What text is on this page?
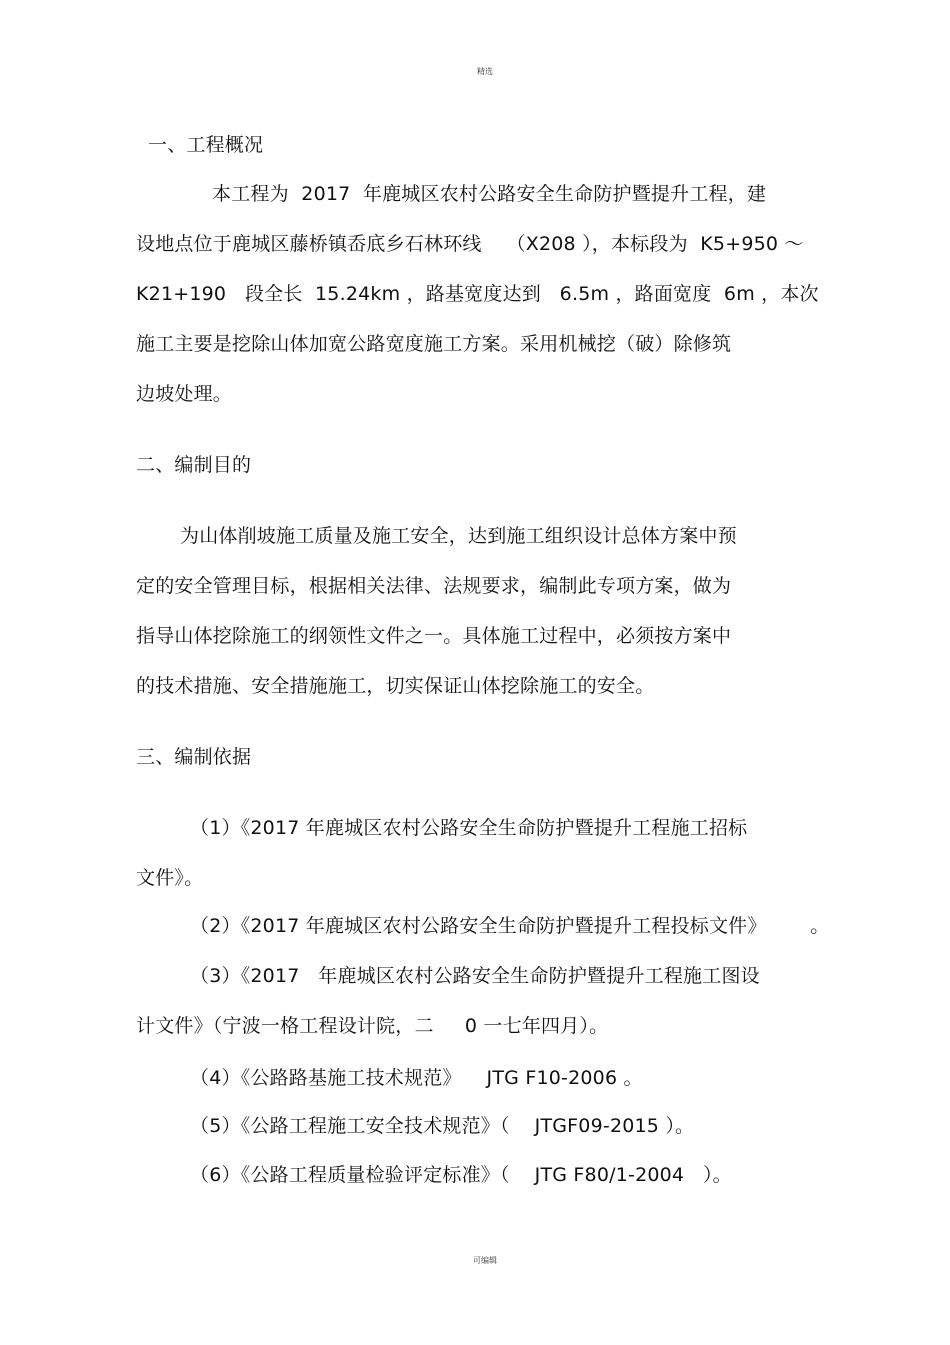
精选
一、工程概况
本工程为  2017  年鹿城区农村公路安全生命防护暨提升工程，建
设地点位于鹿城区藤桥镇岙底乡石林环线    （X208 ），本标段为  K5+950 ～
K21+190   段全长  15.24km ，路基宽度达到   6.5m ，路面宽度  6m ，本次
施工主要是挖除山体加宽公路宽度施工方案。采用机械挖（破）除修筑
边坡处理。
二、编制目的
为山体削坡施工质量及施工安全，达到施工组织设计总体方案中预
定的安全管理目标，根据相关法律、法规要求，编制此专项方案，做为
指导山体挖除施工的纲领性文件之一。具体施工过程中，必须按方案中
的技术措施、安全措施施工，切实保证山体挖除施工的安全。
三、编制依据
（1）《2017 年鹿城区农村公路安全生命防护暨提升工程施工招标
文件》。
（2）《2017 年鹿城区农村公路安全生命防护暨提升工程投标文件》       。
（3）《2017   年鹿城区农村公路安全生命防护暨提升工程施工图设
计文件》（宁波一格工程设计院，二     0 一七年四月）。
（4）《公路路基施工技术规范》    JTG F10-2006 。
（5）《公路工程施工安全技术规范》（    JTGF09-2015 ）。
（6）《公路工程质量检验评定标准》（    JTG F80/1-2004   ）。
可编辑
